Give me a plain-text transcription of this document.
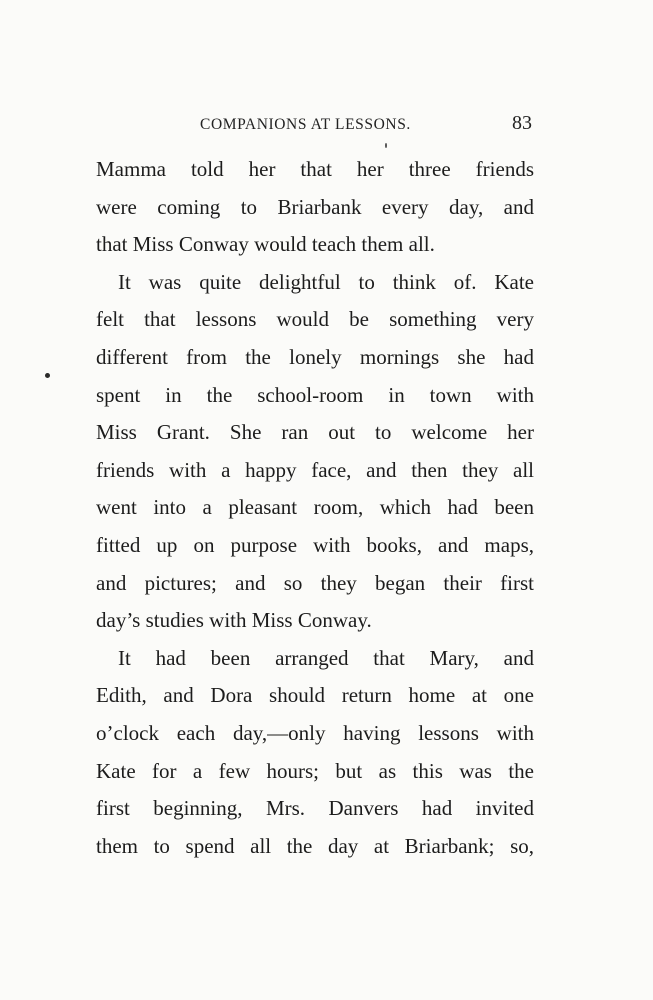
COMPANIONS AT LESSONS.	83
Mamma told her that her three friends
were coming to Briarbank every day, and
that Miss Conway would teach them all.
It was quite delightful to think of. Kate
felt that lessons would be something very
different from the lonely mornings she had
spent in the school-room in town with
Miss Grant. She ran out to welcome her
friends with a happy face, and then they all
went into a pleasant room, which had been
fitted up on purpose with books, and maps,
and pictures; and so they began their first
day’s studies with Miss Conway.
It had been arranged that Mary, and
Edith, and Dora should return home at one
o’clock each day,—only having lessons with
Kate for a few hours; but as this was the
first beginning, Mrs. Danvers had invited
them to spend all the day at Briarbank; so,
